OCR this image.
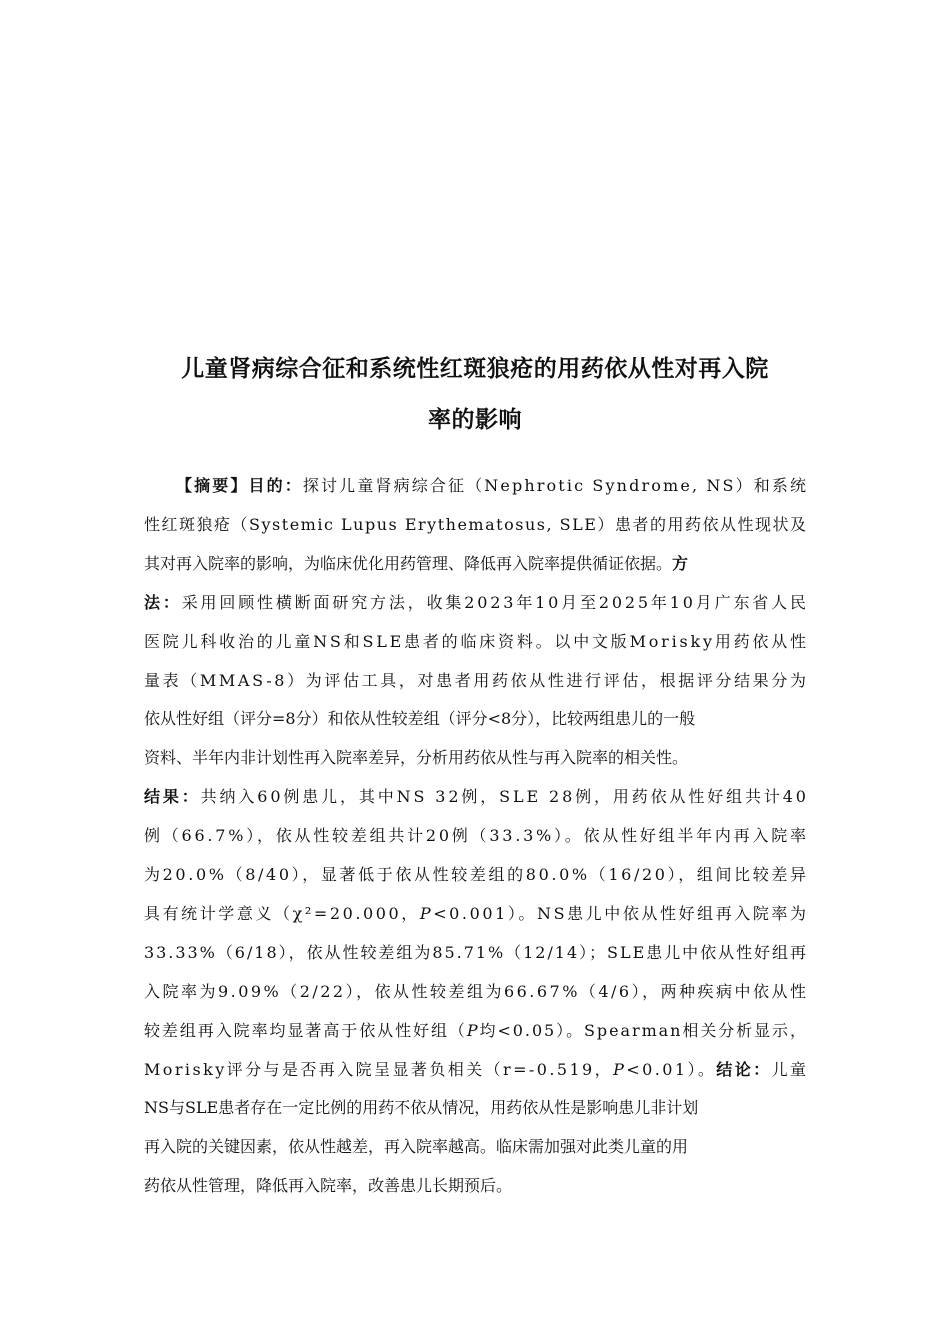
儿童肾病综合征和系统性红斑狼疮的用药依从性对再入院
率的影响
【摘要】目的：探讨儿童肾病综合征（Nephrotic Syndrome, NS）和系统
性红斑狼疮（Systemic Lupus Erythematosus, SLE）患者的用药依从性现状及
其对再入院率的影响，为临床优化用药管理、降低再入院率提供循证依据。方
法：采用回顾性横断面研究方法，收集2023年10月至2025年10月广东省人民
医院儿科收治的儿童NS和SLE患者的临床资料。以中文版Morisky用药依从性
量表（MMAS-8）为评估工具，对患者用药依从性进行评估，根据评分结果分为
依从性好组（评分=8分）和依从性较差组（评分<8分），比较两组患儿的一般
资料、半年内非计划性再入院率差异，分析用药依从性与再入院率的相关性。
结果：共纳入60例患儿，其中NS 32例，SLE 28例，用药依从性好组共计40
例（66.7%），依从性较差组共计20例（33.3%）。依从性好组半年内再入院率
为20.0%（8/40），显著低于依从性较差组的80.0%（16/20），组间比较差异
具有统计学意义（χ²=20.000，P<0.001）。NS患儿中依从性好组再入院率为
33.33%（6/18），依从性较差组为85.71%（12/14）；SLE患儿中依从性好组再
入院率为9.09%（2/22），依从性较差组为66.67%（4/6），两种疾病中依从性
较差组再入院率均显著高于依从性好组（P均<0.05）。Spearman相关分析显示，
Morisky评分与是否再入院呈显著负相关（r=-0.519，P<0.01）。结论：儿童
NS与SLE患者存在一定比例的用药不依从情况，用药依从性是影响患儿非计划
再入院的关键因素，依从性越差，再入院率越高。临床需加强对此类儿童的用
药依从性管理，降低再入院率，改善患儿长期预后。
